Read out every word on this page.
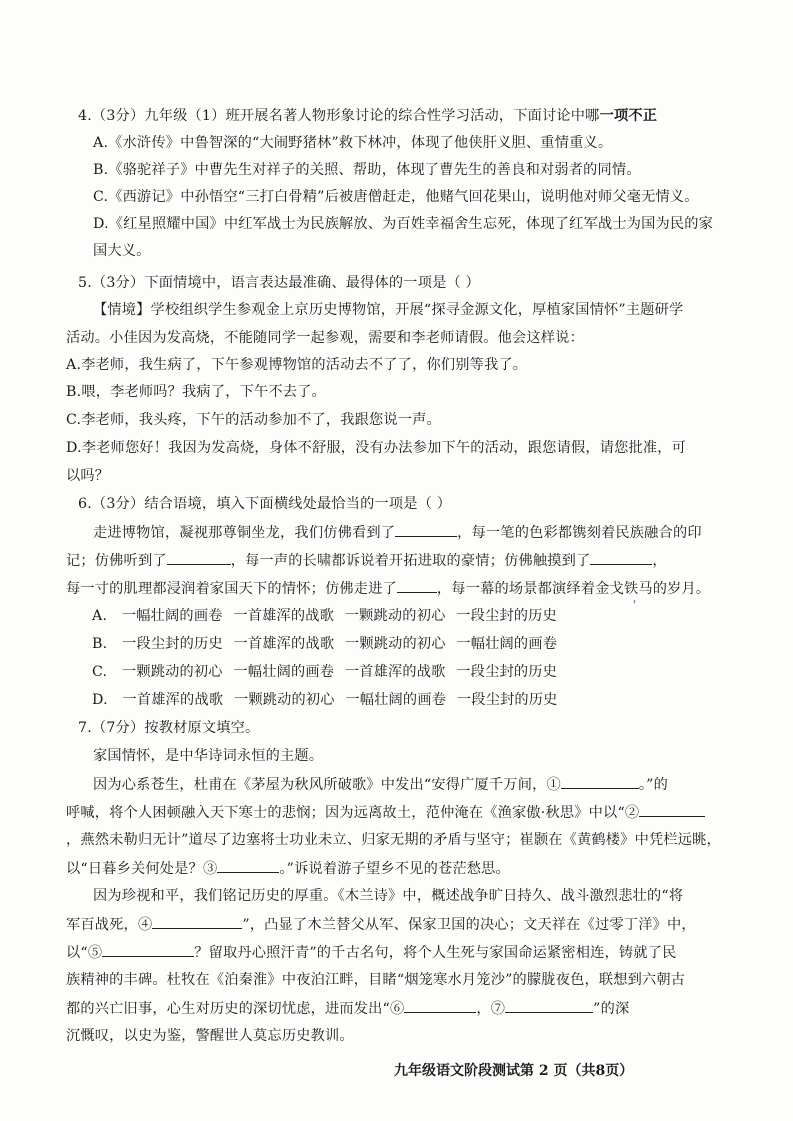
4.（3分）九年级（1）班开展名著人物形象讨论的综合性学习活动，下面讨论中哪一项不正
A.《水浒传》中鲁智深的“大闹野猪林”救下林冲，体现了他侠肝义胆、重情重义。
B.《骆驼祥子》中曹先生对祥子的关照、帮助，体现了曹先生的善良和对弱者的同情。
C.《西游记》中孙悟空“三打白骨精”后被唐僧赶走，他赌气回花果山，说明他对师父毫无情义。
D.《红星照耀中国》中红军战士为民族解放、为百姓幸福舍生忘死，体现了红军战士为国为民的家
国大义。
5.（3分）下面情境中，语言表达最准确、最得体的一项是（ ）
【情境】学校组织学生参观金上京历史博物馆，开展“探寻金源文化，厚植家国情怀”主题研学
活动。小佳因为发高烧，不能随同学一起参观，需要和李老师请假。他会这样说：
A.李老师，我生病了，下午参观博物馆的活动去不了了，你们别等我了。
B.喂，李老师吗？我病了，下午不去了。
C.李老师，我头疼，下午的活动参加不了，我跟您说一声。
D.李老师您好！我因为发高烧，身体不舒服，没有办法参加下午的活动，跟您请假，请您批准，可
以吗？
6.（3分）结合语境，填入下面横线处最恰当的一项是（ ）
走进博物馆，凝视那尊铜坐龙，我们仿佛看到了	，每一笔的色彩都镌刻着民族融合的印
记；仿佛听到了	，每一声的长啸都诉说着开拓进取的豪情；仿佛触摸到了	，
每一寸的肌理都浸润着家国天下的情怀；仿佛走进了	，每一幕的场景都演绎着金戈铁马的岁月。
ʾ
A. 一幅壮阔的画卷 一首雄浑的战歌 一颗跳动的初心 一段尘封的历史
B. 一段尘封的历史 一首雄浑的战歌 一颗跳动的初心 一幅壮阔的画卷
C. 一颗跳动的初心 一幅壮阔的画卷 一首雄浑的战歌 一段尘封的历史
D. 一首雄浑的战歌 一颗跳动的初心 一幅壮阔的画卷 一段尘封的历史
7.（7分）按教材原文填空。
家国情怀，是中华诗词永恒的主题。
因为心系苍生，杜甫在《茅屋为秋风所破歌》中发出“安得广厦千万间，①	。”的
呼喊，将个人困顿融入天下寒士的悲悯；因为远离故土，范仲淹在《渔家傲·秋思》中以“②
，燕然未勒归无计”道尽了边塞将士功业未立、归家无期的矛盾与坚守；崔颢在《黄鹤楼》中凭栏远眺，
以“日暮乡关何处是？③	。”诉说着游子望乡不见的苍茫愁思。
因为珍视和平，我们铭记历史的厚重。《木兰诗》中，概述战争旷日持久、战斗激烈悲壮的“将
军百战死，④	”，凸显了木兰替父从军、保家卫国的决心；文天祥在《过零丁洋》中，
以“⑤	？留取丹心照汗青”的千古名句，将个人生死与家国命运紧密相连，铸就了民
族精神的丰碑。杜牧在《泊秦淮》中夜泊江畔，目睹“烟笼寒水月笼沙”的朦胧夜色，联想到六朝古
都的兴亡旧事，心生对历史的深切忧虑，进而发出“⑥	，⑦	”的深
沉慨叹，以史为鉴，警醒世人莫忘历史教训。
九年级语文阶段测试第 2 页（共8页）
